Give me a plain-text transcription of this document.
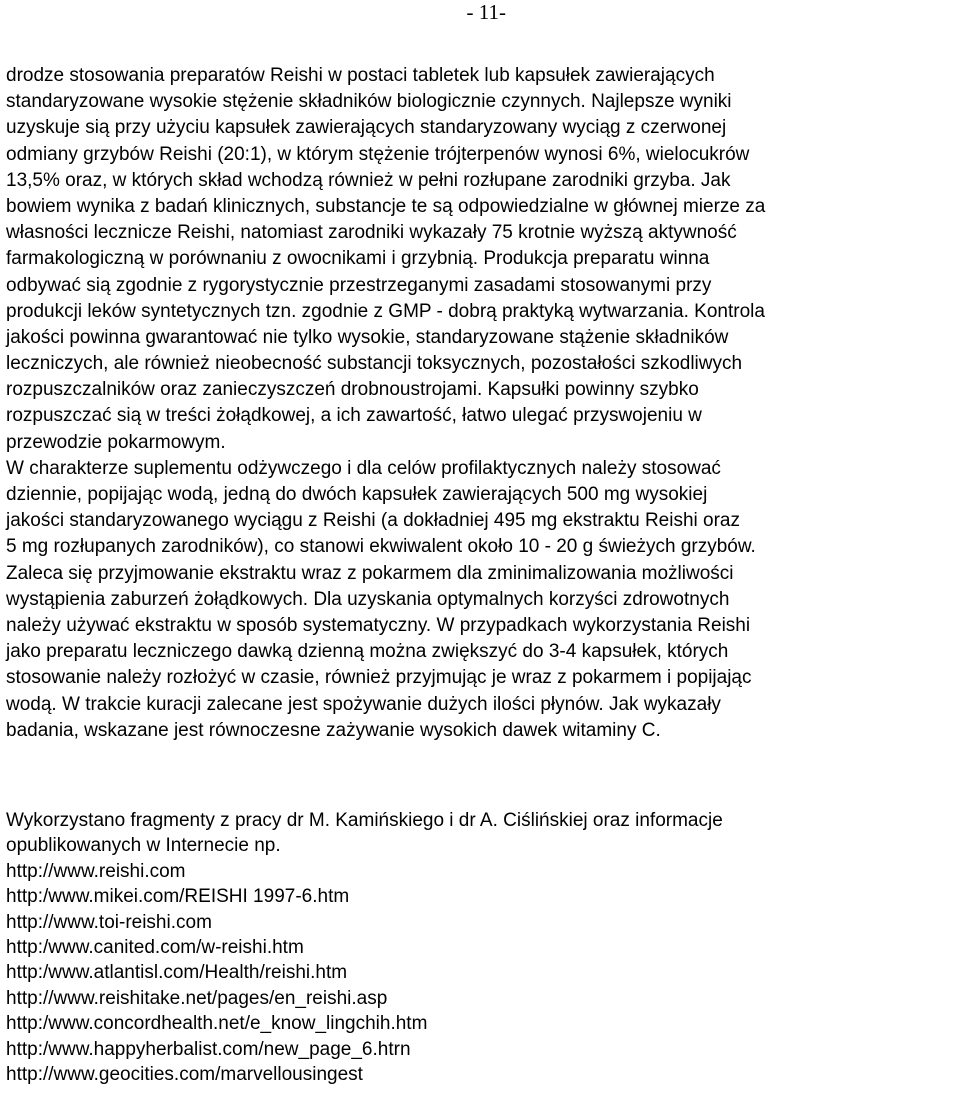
- 11-
drodze stosowania preparatów Reishi w postaci tabletek lub kapsułek zawierających
standaryzowane wysokie stężenie składników biologicznie czynnych. Najlepsze wyniki
uzyskuje sią przy użyciu kapsułek zawierających standaryzowany wyciąg z czerwonej
odmiany grzybów Reishi (20:1), w którym stężenie trójterpenów wynosi 6%, wielocukrów
13,5% oraz, w których skład wchodzą również w pełni rozłupane zarodniki grzyba. Jak
bowiem wynika z badań klinicznych, substancje te są odpowiedzialne w głównej mierze za
własności lecznicze Reishi, natomiast zarodniki wykazały 75 krotnie wyższą aktywność
farmakologiczną w porównaniu z owocnikami i grzybnią. Produkcja preparatu winna
odbywać sią zgodnie z rygorystycznie przestrzeganymi zasadami stosowanymi przy
produkcji leków syntetycznych tzn. zgodnie z GMP - dobrą praktyką wytwarzania. Kontrola
jakości powinna gwarantować nie tylko wysokie, standaryzowane stążenie składników
leczniczych, ale również nieobecność substancji toksycznych, pozostałości szkodliwych
rozpuszczalników oraz zanieczyszczeń drobnoustrojami. Kapsułki powinny szybko
rozpuszczać sią w treści żołądkowej, a ich zawartość, łatwo ulegać przyswojeniu w
przewodzie pokarmowym.
W charakterze suplementu odżywczego i dla celów profilaktycznych należy stosować
dziennie, popijając wodą, jedną do dwóch kapsułek zawierających 500 mg wysokiej
jakości standaryzowanego wyciągu z Reishi (a dokładniej 495 mg ekstraktu Reishi oraz
5 mg rozłupanych zarodników), co stanowi ekwiwalent około 10 - 20 g świeżych grzybów.
Zaleca się przyjmowanie ekstraktu wraz z pokarmem dla zminimalizowania możliwości
wystąpienia zaburzeń żołądkowych. Dla uzyskania optymalnych korzyści zdrowotnych
należy używać ekstraktu w sposób systematyczny. W przypadkach wykorzystania Reishi
jako preparatu leczniczego dawką dzienną można zwiększyć do 3-4 kapsułek, których
stosowanie należy rozłożyć w czasie, również przyjmując je wraz z pokarmem i popijając
wodą. W trakcie kuracji zalecane jest spożywanie dużych ilości płynów. Jak wykazały
badania, wskazane jest równoczesne zażywanie wysokich dawek witaminy C.
Wykorzystano fragmenty z pracy dr M. Kamińskiego i dr A. Ciślińskiej oraz informacje
opublikowanych w Internecie np.
http://www.reishi.com
http:/www.mikei.com/REISHI 1997-6.htm
http://www.toi-reishi.com
http:/www.canited.com/w-reishi.htm
http:/www.atlantisl.com/Health/reishi.htm
http://www.reishitake.net/pages/en_reishi.asp
http:/www.concordhealth.net/e_know_lingchih.htm
http:/www.happyherbalist.com/new_page_6.htrn
http://www.geocities.com/marvellousingest
